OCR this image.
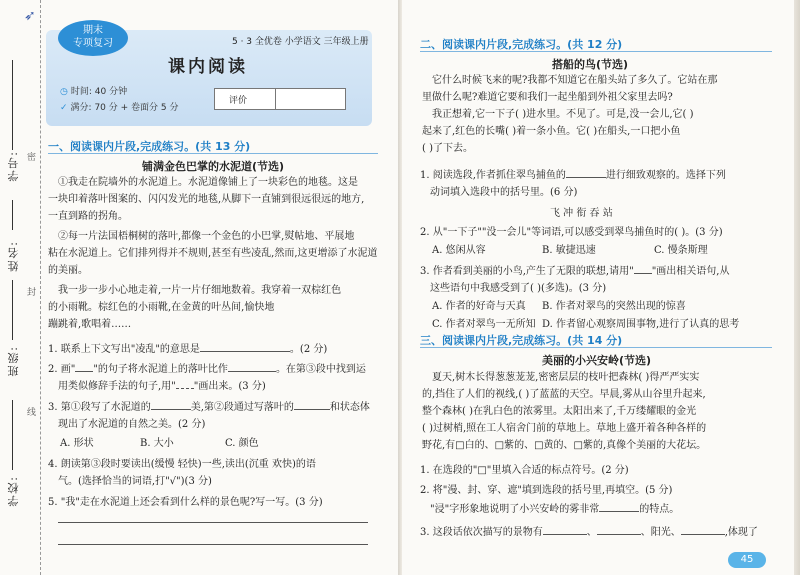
➶
学号:
姓名:
班级:
学校:
密
封
线
期末
专项复习	5 · 3 全优卷 小学语文 三年级上册
课内阅读
◷ 时间: 40 分钟
✓ 满分: 70 分 + 卷面分 5 分
评价
一、阅读课内片段,完成练习。(共 13 分)
铺满金色巴掌的水泥道(节选)
①我走在院墙外的水泥道上。水泥道像铺上了一块彩色的地毯。这是
一块印着落叶图案的、闪闪发光的地毯,从脚下一直铺到很远很远的地方,
一直到路的拐角。
②每一片法国梧桐树的落叶,都像一个金色的小巴掌,熨帖地、平展地
粘在水泥道上。它们排列得并不规则,甚至有些凌乱,然而,这更增添了水泥道
的美丽。
我一步一步小心地走着,一片一片仔细地数着。我穿着一双棕红色
的小雨靴。棕红色的小雨靴,在金黄的叶丛间,愉快地
蹦跳着,歌唱着……
1. 联系上下文写出"凌乱"的意思是	。(2 分)
2. 画" "的句子将水泥道上的落叶比作	。在第③段中找到运
用类似修辞手法的句子,用" "画出来。(3 分)
3. 第①段写了水泥道的	美,第②段通过写落叶的	和状态体
现出了水泥道的自然之美。(2 分)
A. 形状	B. 大小	C. 颜色
4. 朗读第③段时要读出(缓慢 轻快)一些,读出(沉重 欢快)的语
气。(选择恰当的词语,打"√")(3 分)
5. "我"走在水泥道上还会看到什么样的景色呢?写一写。(3 分)
二、阅读课内片段,完成练习。(共 12 分)
搭船的鸟(节选)
它什么时候飞来的呢?我都不知道它在船头站了多久了。它站在那
里做什么呢?难道它要和我们一起坐船到外祖父家里去吗?
我正想着,它一下子( )进水里。不见了。可是,没一会儿,它( )
起来了,红色的长嘴( )着一条小鱼。它( )在船头,一口把小鱼
( )了下去。
1. 阅读选段,作者抓住翠鸟捕鱼的	进行细致观察的。选择下列
动词填入选段中的括号里。(6 分)
飞 冲 衔 吞 站
2. 从"一下子""没一会儿"等词语,可以感受到翠鸟捕鱼时的( )。(3 分)
A. 悠闲从容	B. 敏捷迅速	C. 慢条斯理
3. 作者看到美丽的小鸟,产生了无限的联想,请用" "画出相关语句,从
这些语句中我感受到了( )(多选)。(3 分)
A. 作者的好奇与天真 B. 作者对翠鸟的突然出现的惊喜
C. 作者对翠鸟一无所知 D. 作者留心观察周围事物,进行了认真的思考
三、阅读课内片段,完成练习。(共 14 分)
美丽的小兴安岭(节选)
夏天,树木长得葱葱茏茏,密密层层的枝叶把森林( )得严严实实
的,挡住了人们的视线,( )了蓝蓝的天空。早晨,雾从山谷里升起来,
整个森林( )在乳白色的浓雾里。太阳出来了,千万缕耀眼的金光
( )过树梢,照在工人宿舍门前的草地上。草地上盛开着各种各样的
野花,有□白的、□紫的、□黄的、□紫的,真像个美丽的大花坛。
1. 在选段的"□"里填入合适的标点符号。(2 分)
2. 将"漫、封、穿、遮"填到选段的括号里,再填空。(5 分)
"浸"字形象地说明了小兴安岭的雾非常	的特点。
3. 这段话依次描写的景物有	、	、阳光、	,体现了
45
